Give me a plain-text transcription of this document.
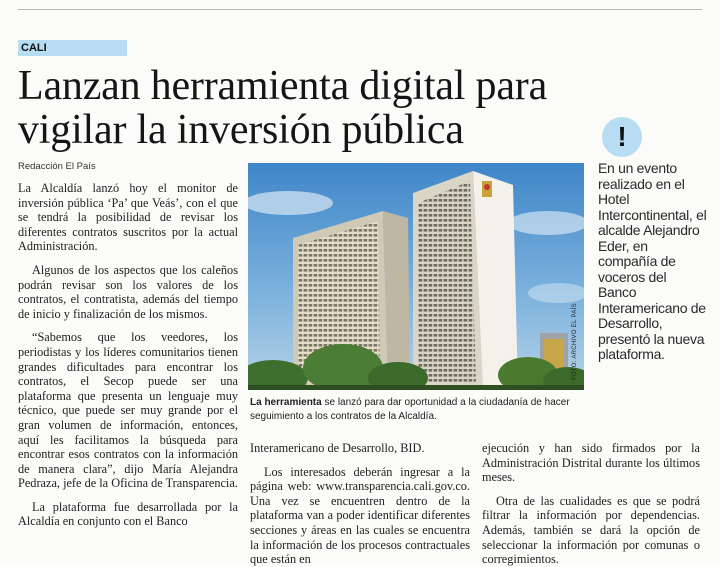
CALI
Lanzan herramienta digital para vigilar la inversión pública
Redacción El País

La Alcaldía lanzó hoy el monitor de inversión pública ‘Pa’ que Veás’, con el que se tendrá la posibilidad de revisar los diferentes contratos suscritos por la actual Administración.

Algunos de los aspectos que los caleños podrán revisar son los valores de los contratos, el contratista, además del tiempo de inicio y finalización de los mismos.

“Sabemos que los veedores, los periodistas y los líderes comunitarios tienen grandes dificultades para encontrar los contratos, el Secop puede ser una plataforma que presenta un lenguaje muy técnico, que puede ser muy grande por el gran volumen de información, entonces, aquí les facilitamos la búsqueda para encontrar esos contratos con la información de manera clara”, dijo María Alejandra Pedraza, jefe de la Oficina de Transparencia.

La plataforma fue desarrollada por la Alcaldía en conjunto con el Banco

FOTO: ARCHIVO EL PAÍS
La herramienta se lanzó para dar oportunidad a la ciudadanía de hacer seguimiento a los contratos de la Alcaldía.
!
En un evento realizado en el Hotel Intercontinental, el alcalde Alejandro Eder, en compañía de voceros del Banco Interamericano de Desarrollo, presentó la nueva plataforma.

Interamericano de Desarrollo, BID.

Los interesados deberán ingresar a la página web: www.transparencia.cali.gov.co. Una vez se encuentren dentro de la plataforma van a poder identificar diferentes secciones y áreas en las cuales se encuentra la información de los procesos contractuales que están en

ejecución y han sido firmados por la Administración Distrital durante los últimos meses.

Otra de las cualidades es que se podrá filtrar la información por dependencias. Además, también se dará la opción de seleccionar la información por comunas o corregimientos.
